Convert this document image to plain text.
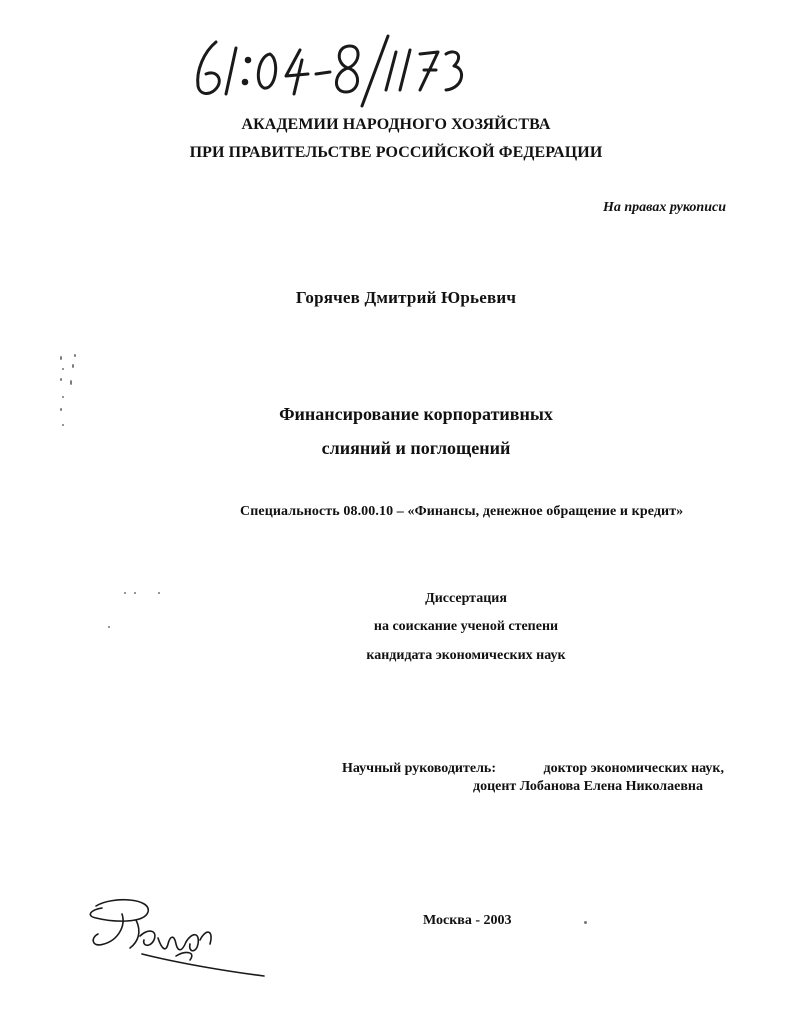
АКАДЕМИИ НАРОДНОГО ХОЗЯЙСТВА
ПРИ ПРАВИТЕЛЬСТВЕ РОССИЙСКОЙ ФЕДЕРАЦИИ
На правах рукописи
Горячев Дмитрий Юрьевич
Финансирование корпоративных
слияний и поглощений
Специальность 08.00.10 – «Финансы, денежное обращение и кредит»
Диссертация
на соискание ученой степени
кандидата экономических наук
Научный руководитель:	доктор экономических наук,
доцент Лобанова Елена Николаевна
Москва - 2003
